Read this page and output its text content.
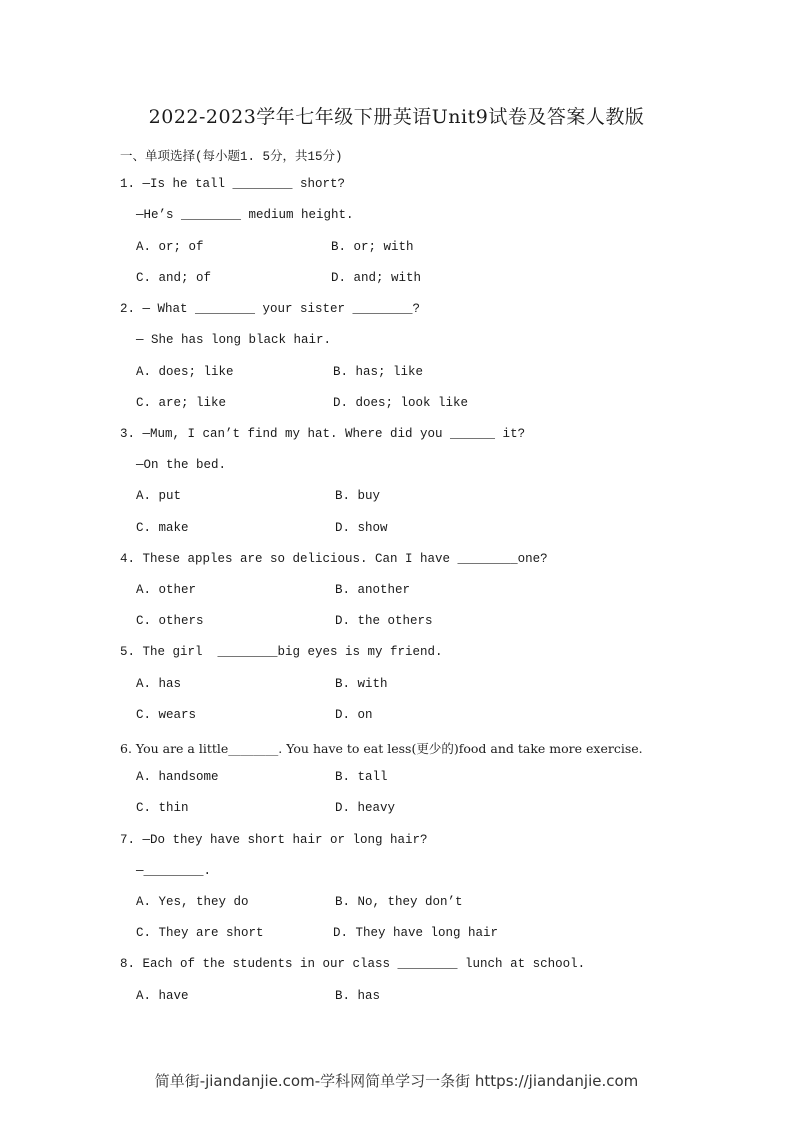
2022-2023学年七年级下册英语Unit9试卷及答案人教版
一、单项选择(每小题1. 5分，共15分)
1. —Is he tall ________ short?
—He’s ________ medium height.
A. or; of	B. or; with
C. and; of	D. and; with
2. — What ________ your sister ________?
— She has long black hair.
A. does; like	B. has; like
C. are; like	D. does; look like
3. —Mum, I can’t find my hat. Where did you ______ it?
—On the bed.
A. put	B. buy
C. make	D. show
4. These apples are so delicious. Can I have ________one?
A. other	B. another
C. others	D. the others
5. The girl  ________big eyes is my friend.
A. has	B. with
C. wears	D. on
6. You are a little________. You have to eat less(更少的)food and take more exercise.
A. handsome	B. tall
C. thin	D. heavy
7. —Do they have short hair or long hair?
—________.
A. Yes, they do	B. No, they don’t
C. They are short	D. They have long hair
8. Each of the students in our class ________ lunch at school.
A. have	B. has
简单街-jiandanjie.com-学科网简单学习一条街 https://jiandanjie.com
